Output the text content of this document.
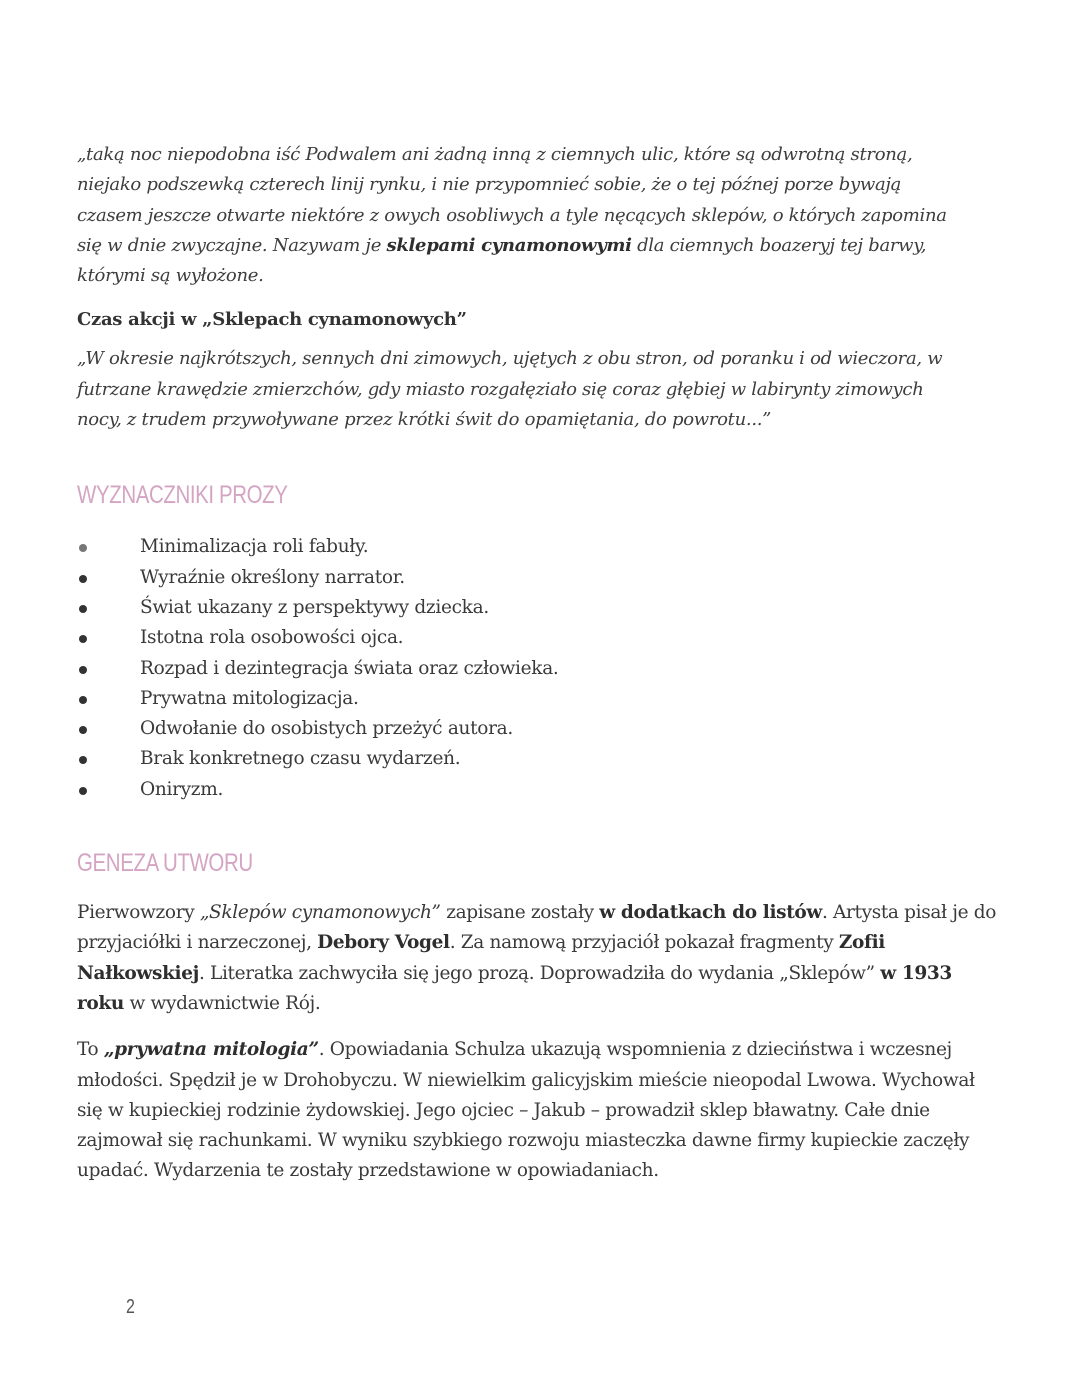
„taką noc niepodobna iść Podwalem ani żadną inną z ciemnych ulic, które są odwrotną stroną,
niejako podszewką czterech linij rynku, i nie przypomnieć sobie, że o tej późnej porze bywają
czasem jeszcze otwarte niektóre z owych osobliwych a tyle nęcących sklepów, o których zapomina
się w dnie zwyczajne. Nazywam je sklepami cynamonowymi dla ciemnych boazeryj tej barwy,
którymi są wyłożone.
Czas akcji w „Sklepach cynamonowych”
„W okresie najkrótszych, sennych dni zimowych, ujętych z obu stron, od poranku i od wieczora, w
futrzane krawędzie zmierzchów, gdy miasto rozgałęziało się coraz głębiej w labirynty zimowych
nocy, z trudem przywoływane przez krótki świt do opamiętania, do powrotu...”
WYZNACZNIKI PROZY
Minimalizacja roli fabuły.
Wyraźnie określony narrator.
Świat ukazany z perspektywy dziecka.
Istotna rola osobowości ojca.
Rozpad i dezintegracja świata oraz człowieka.
Prywatna mitologizacja.
Odwołanie do osobistych przeżyć autora.
Brak konkretnego czasu wydarzeń.
Oniryzm.
GENEZA UTWORU

Pierwowzory „Sklepów cynamonowych” zapisane zostały w dodatkach do listów. Artysta pisał je do przyjaciółki i narzeczonej, Debory Vogel. Za namową przyjaciół pokazał fragmenty Zofii Nałkowskiej. Literatka zachwyciła się jego prozą. Doprowadziła do wydania „Sklepów” w 1933 roku w wydawnictwie Rój.

To „prywatna mitologia”. Opowiadania Schulza ukazują wspomnienia z dzieciństwa i wczesnej młodości. Spędził je w Drohobyczu. W niewielkim galicyjskim mieście nieopodal Lwowa. Wychował się w kupieckiej rodzinie żydowskiej. Jego ojciec – Jakub – prowadził sklep bławatny. Całe dnie zajmował się rachunkami. W wyniku szybkiego rozwoju miasteczka dawne firmy kupieckie zaczęły upadać. Wydarzenia te zostały przedstawione w opowiadaniach.

2
